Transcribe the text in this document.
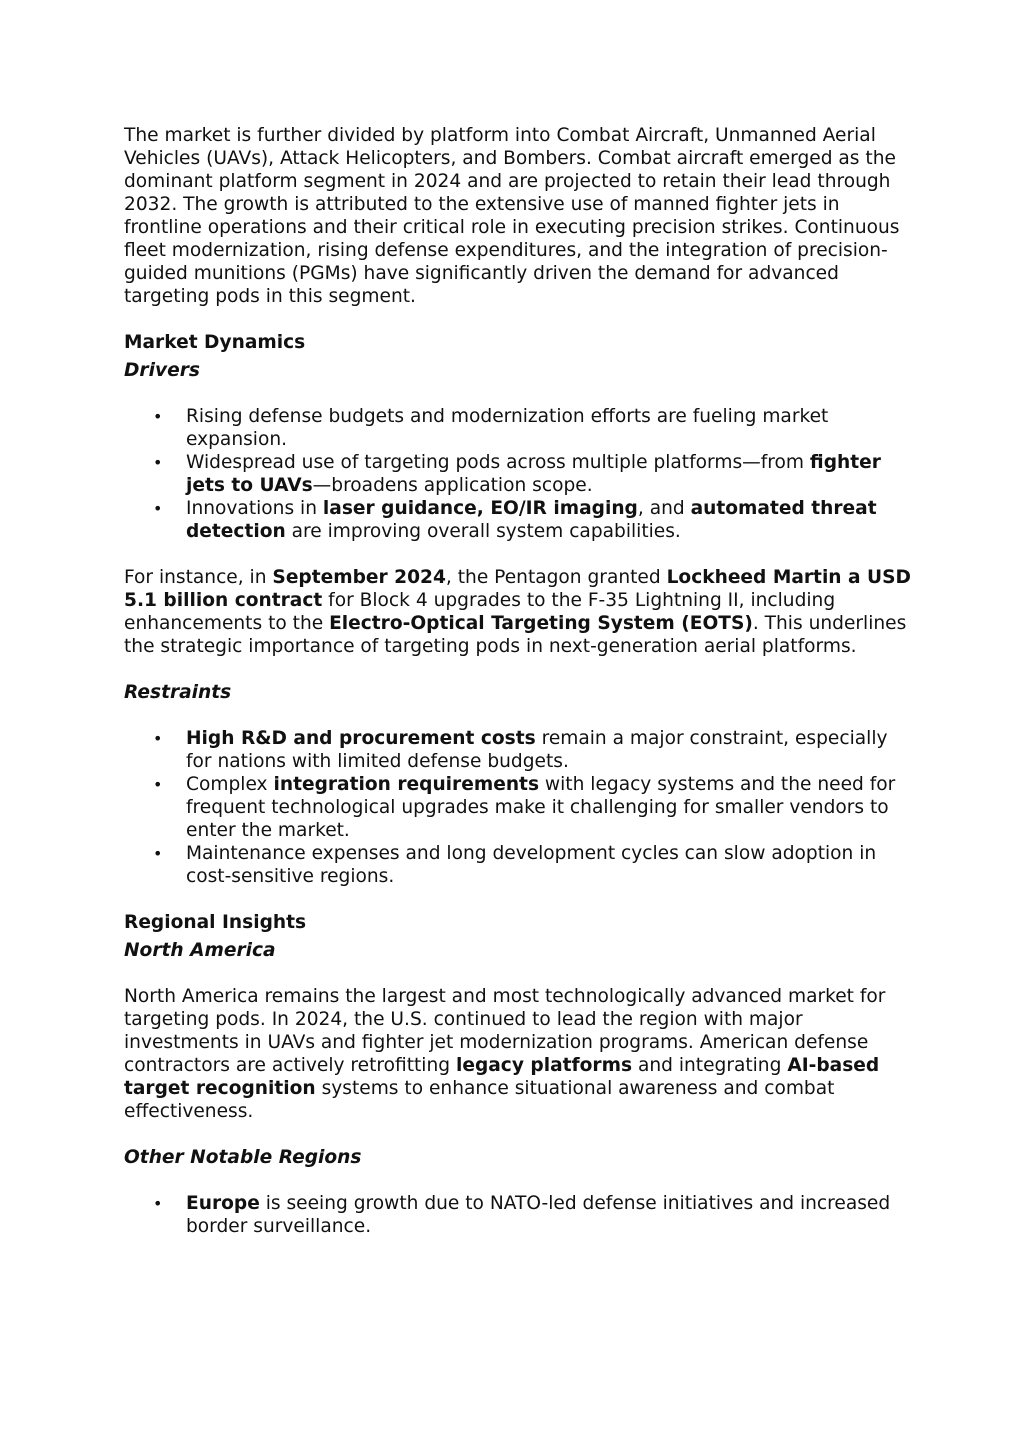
The market is further divided by platform into Combat Aircraft, Unmanned Aerial Vehicles (UAVs), Attack Helicopters, and Bombers. Combat aircraft emerged as the dominant platform segment in 2024 and are projected to retain their lead through 2032. The growth is attributed to the extensive use of manned fighter jets in frontline operations and their critical role in executing precision strikes. Continuous fleet modernization, rising defense expenditures, and the integration of precision-guided munitions (PGMs) have significantly driven the demand for advanced targeting pods in this segment.

Market Dynamics

Drivers

• Rising defense budgets and modernization efforts are fueling market expansion.
• Widespread use of targeting pods across multiple platforms—from fighter jets to UAVs—broadens application scope.
• Innovations in laser guidance, EO/IR imaging, and automated threat detection are improving overall system capabilities.

For instance, in September 2024, the Pentagon granted Lockheed Martin a USD 5.1 billion contract for Block 4 upgrades to the F-35 Lightning II, including enhancements to the Electro-Optical Targeting System (EOTS). This underlines the strategic importance of targeting pods in next-generation aerial platforms.

Restraints

• High R&D and procurement costs remain a major constraint, especially for nations with limited defense budgets.
• Complex integration requirements with legacy systems and the need for frequent technological upgrades make it challenging for smaller vendors to enter the market.
• Maintenance expenses and long development cycles can slow adoption in cost-sensitive regions.

Regional Insights

North America

North America remains the largest and most technologically advanced market for targeting pods. In 2024, the U.S. continued to lead the region with major investments in UAVs and fighter jet modernization programs. American defense contractors are actively retrofitting legacy platforms and integrating AI-based target recognition systems to enhance situational awareness and combat effectiveness.

Other Notable Regions

• Europe is seeing growth due to NATO-led defense initiatives and increased border surveillance.
